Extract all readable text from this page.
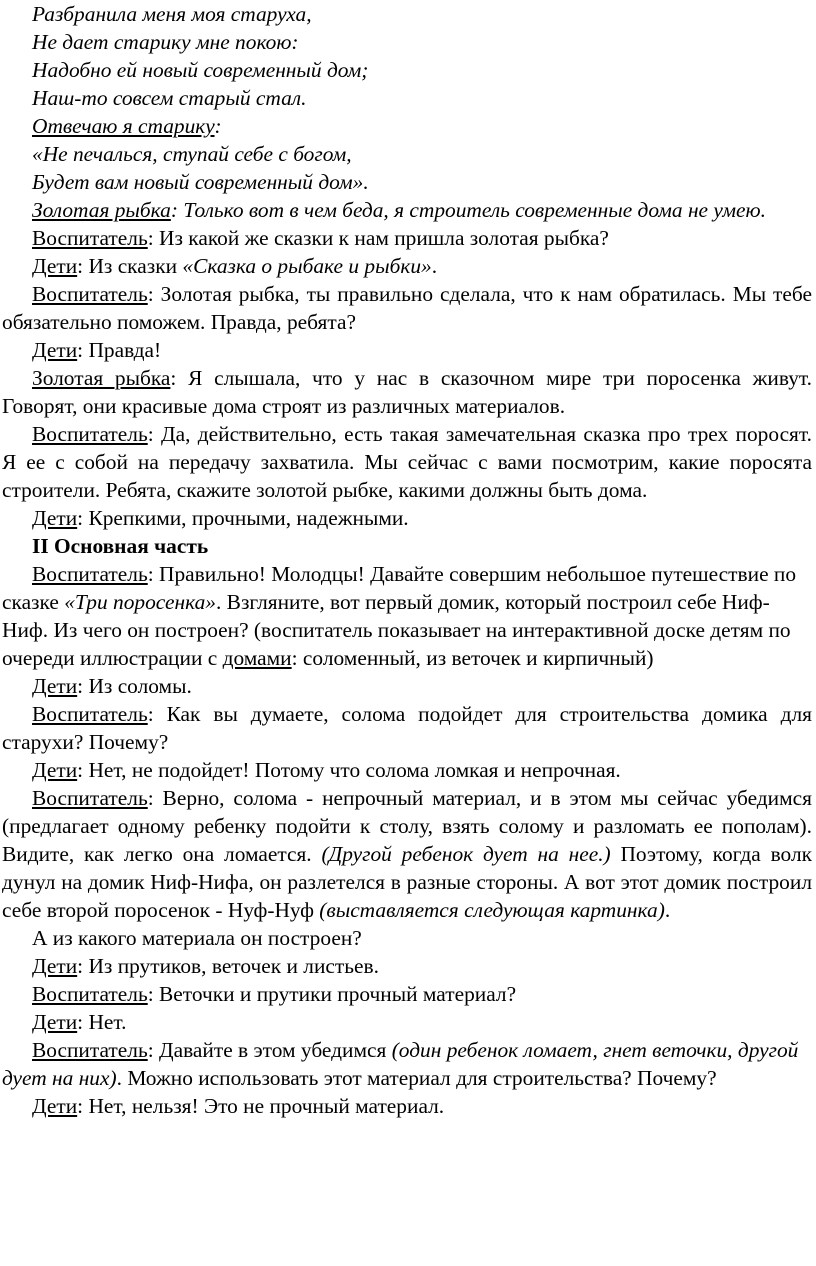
Разбранила меня моя старуха,

Не дает старику мне покою:

Надобно ей новый современный дом;

Наш-то совсем старый стал.

Отвечаю я старику:

«Не печалься, ступай себе с богом,

Будет вам новый современный дом».

Золотая рыбка: Только вот в чем беда, я строитель современные дома не умею.

Воспитатель: Из какой же сказки к нам пришла золотая рыбка?

Дети: Из сказки «Сказка о рыбаке и рыбки».

Воспитатель: Золотая рыбка, ты правильно сделала, что к нам обратилась. Мы тебе обязательно поможем. Правда, ребята?

Дети: Правда!

Золотая рыбка: Я слышала, что у нас в сказочном мире три поросенка живут. Говорят, они красивые дома строят из различных материалов.

Воспитатель: Да, действительно, есть такая замечательная сказка про трех поросят. Я ее с собой на передачу захватила. Мы сейчас с вами посмотрим, какие поросята строители. Ребята, скажите золотой рыбке, какими должны быть дома.

Дети: Крепкими, прочными, надежными.

II Основная часть

Воспитатель: Правильно! Молодцы! Давайте совершим небольшое путешествие по сказке «Три поросенка». Взгляните, вот первый домик, который построил себе Ниф-Ниф. Из чего он построен? (воспитатель показывает на интерактивной доске детям по очереди иллюстрации с домами: соломенный, из веточек и кирпичный)

Дети: Из соломы.

Воспитатель: Как вы думаете, солома подойдет для строительства домика для старухи? Почему?

Дети: Нет, не подойдет! Потому что солома ломкая и непрочная.

Воспитатель: Верно, солома - непрочный материал, и в этом мы сейчас убедимся (предлагает одному ребенку подойти к столу, взять солому и разломать ее пополам). Видите, как легко она ломается. (Другой ребенок дует на нее.) Поэтому, когда волк дунул на домик Ниф-Нифа, он разлетелся в разные стороны. А вот этот домик построил себе второй поросенок - Нуф-Нуф (выставляется следующая картинка).

А из какого материала он построен?

Дети: Из прутиков, веточек и листьев.

Воспитатель: Веточки и прутики прочный материал?

Дети: Нет.

Воспитатель: Давайте в этом убедимся (один ребенок ломает, гнет веточки, другой дует на них). Можно использовать этот материал для строительства? Почему?

Дети: Нет, нельзя! Это не прочный материал.
